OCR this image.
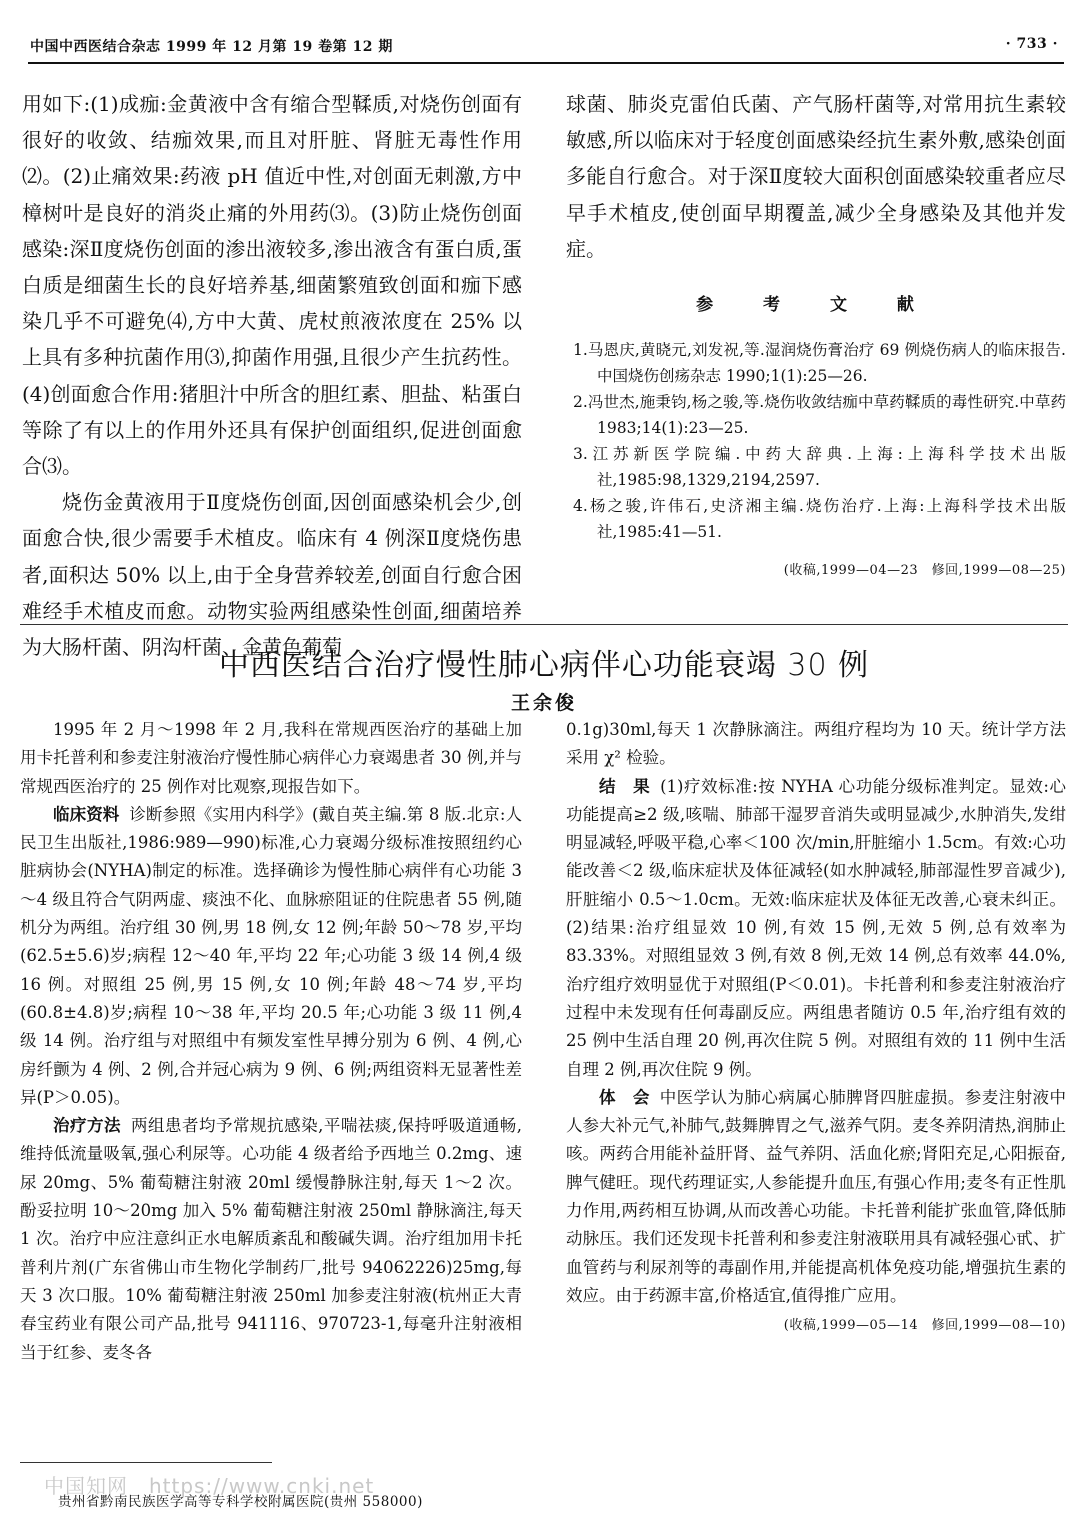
中国中西医结合杂志 1999 年 12 月第 19 卷第 12 期	· 733 ·

用如下:(1)成痂:金黄液中含有缩合型鞣质,对烧伤创面有很好的收敛、结痂效果,而且对肝脏、肾脏无毒性作用⑵。(2)止痛效果:药液 pH 值近中性,对创面无刺激,方中樟树叶是良好的消炎止痛的外用药⑶。(3)防止烧伤创面感染:深Ⅱ度烧伤创面的渗出液较多,渗出液含有蛋白质,蛋白质是细菌生长的良好培养基,细菌繁殖致创面和痂下感染几乎不可避免⑷,方中大黄、虎杖煎液浓度在 25% 以上具有多种抗菌作用⑶,抑菌作用强,且很少产生抗药性。(4)创面愈合作用:猪胆汁中所含的胆红素、胆盐、粘蛋白等除了有以上的作用外还具有保护创面组织,促进创面愈合⑶。

烧伤金黄液用于Ⅱ度烧伤创面,因创面感染机会少,创面愈合快,很少需要手术植皮。临床有 4 例深Ⅱ度烧伤患者,面积达 50% 以上,由于全身营养较差,创面自行愈合困难经手术植皮而愈。动物实验两组感染性创面,细菌培养为大肠杆菌、阴沟杆菌、金黄色葡萄

球菌、肺炎克雷伯氏菌、产气肠杆菌等,对常用抗生素较敏感,所以临床对于轻度创面感染经抗生素外敷,感染创面多能自行愈合。对于深Ⅱ度较大面积创面感染较重者应尽早手术植皮,使创面早期覆盖,减少全身感染及其他并发症。

参 考 文 献

1.马恩庆,黄晓元,刘发祝,等.湿润烧伤膏治疗 69 例烧伤病人的临床报告.中国烧伤创疡杂志 1990;1(1):25—26.

2.冯世杰,施秉钧,杨之骏,等.烧伤收敛结痂中草药鞣质的毒性研究.中草药 1983;14(1):23—25.

3.江苏新医学院编.中药大辞典.上海:上海科学技术出版社,1985:98,1329,2194,2597.

4.杨之骏,许伟石,史济湘主编.烧伤治疗.上海:上海科学技术出版社,1985:41—51.

(收稿,1999—04—23　修回,1999—08—25)
中西医结合治疗慢性肺心病伴心功能衰竭 30 例
王余俊

1995 年 2 月～1998 年 2 月,我科在常规西医治疗的基础上加用卡托普利和参麦注射液治疗慢性肺心病伴心力衰竭患者 30 例,并与常规西医治疗的 25 例作对比观察,现报告如下。

临床资料 诊断参照《实用内科学》(戴自英主编.第 8 版.北京:人民卫生出版社,1986:989—990)标准,心力衰竭分级标准按照纽约心脏病协会(NYHA)制定的标准。选择确诊为慢性肺心病伴有心功能 3～4 级且符合气阴两虚、痰浊不化、血脉瘀阻证的住院患者 55 例,随机分为两组。治疗组 30 例,男 18 例,女 12 例;年龄 50～78 岁,平均(62.5±5.6)岁;病程 12～40 年,平均 22 年;心功能 3 级 14 例,4 级 16 例。对照组 25 例,男 15 例,女 10 例;年龄 48～74 岁,平均(60.8±4.8)岁;病程 10～38 年,平均 20.5 年;心功能 3 级 11 例,4 级 14 例。治疗组与对照组中有频发室性早搏分别为 6 例、4 例,心房纤颤为 4 例、2 例,合并冠心病为 9 例、6 例;两组资料无显著性差异(P＞0.05)。

治疗方法 两组患者均予常规抗感染,平喘祛痰,保持呼吸道通畅,维持低流量吸氧,强心利尿等。心功能 4 级者给予西地兰 0.2mg、速尿 20mg、5% 葡萄糖注射液 20ml 缓慢静脉注射,每天 1～2 次。酚妥拉明 10～20mg 加入 5% 葡萄糖注射液 250ml 静脉滴注,每天 1 次。治疗中应注意纠正水电解质紊乱和酸碱失调。治疗组加用卡托普利片剂(广东省佛山市生物化学制药厂,批号 94062226)25mg,每天 3 次口服。10% 葡萄糖注射液 250ml 加参麦注射液(杭州正大青春宝药业有限公司产品,批号 941116、970723-1,每毫升注射液相当于红参、麦冬各

0.1g)30ml,每天 1 次静脉滴注。两组疗程均为 10 天。统计学方法采用 χ² 检验。

结　果 (1)疗效标准:按 NYHA 心功能分级标准判定。显效:心功能提高≥2 级,咳喘、肺部干湿罗音消失或明显减少,水肿消失,发绀明显减轻,呼吸平稳,心率＜100 次/min,肝脏缩小 1.5cm。有效:心功能改善＜2 级,临床症状及体征减轻(如水肿减轻,肺部湿性罗音减少),肝脏缩小 0.5～1.0cm。无效:临床症状及体征无改善,心衰未纠正。(2)结果:治疗组显效 10 例,有效 15 例,无效 5 例,总有效率为 83.33%。对照组显效 3 例,有效 8 例,无效 14 例,总有效率 44.0%,治疗组疗效明显优于对照组(P＜0.01)。卡托普利和参麦注射液治疗过程中未发现有任何毒副反应。两组患者随访 0.5 年,治疗组有效的 25 例中生活自理 20 例,再次住院 5 例。对照组有效的 11 例中生活自理 2 例,再次住院 9 例。

体　会 中医学认为肺心病属心肺脾肾四脏虚损。参麦注射液中人参大补元气,补肺气,鼓舞脾胃之气,滋养气阴。麦冬养阴清热,润肺止咳。两药合用能补益肝肾、益气养阴、活血化瘀;肾阳充足,心阳振奋,脾气健旺。现代药理证实,人参能提升血压,有强心作用;麦冬有正性肌力作用,两药相互协调,从而改善心功能。卡托普利能扩张血管,降低肺动脉压。我们还发现卡托普利和参麦注射液联用具有减轻强心甙、扩血管药与利尿剂等的毒副作用,并能提高机体免疫功能,增强抗生素的效应。由于药源丰富,价格适宜,值得推广应用。

(收稿,1999—05—14　修回,1999—08—10)
中国知网　https://www.cnki.net
贵州省黔南民族医学高等专科学校附属医院(贵州 558000)
